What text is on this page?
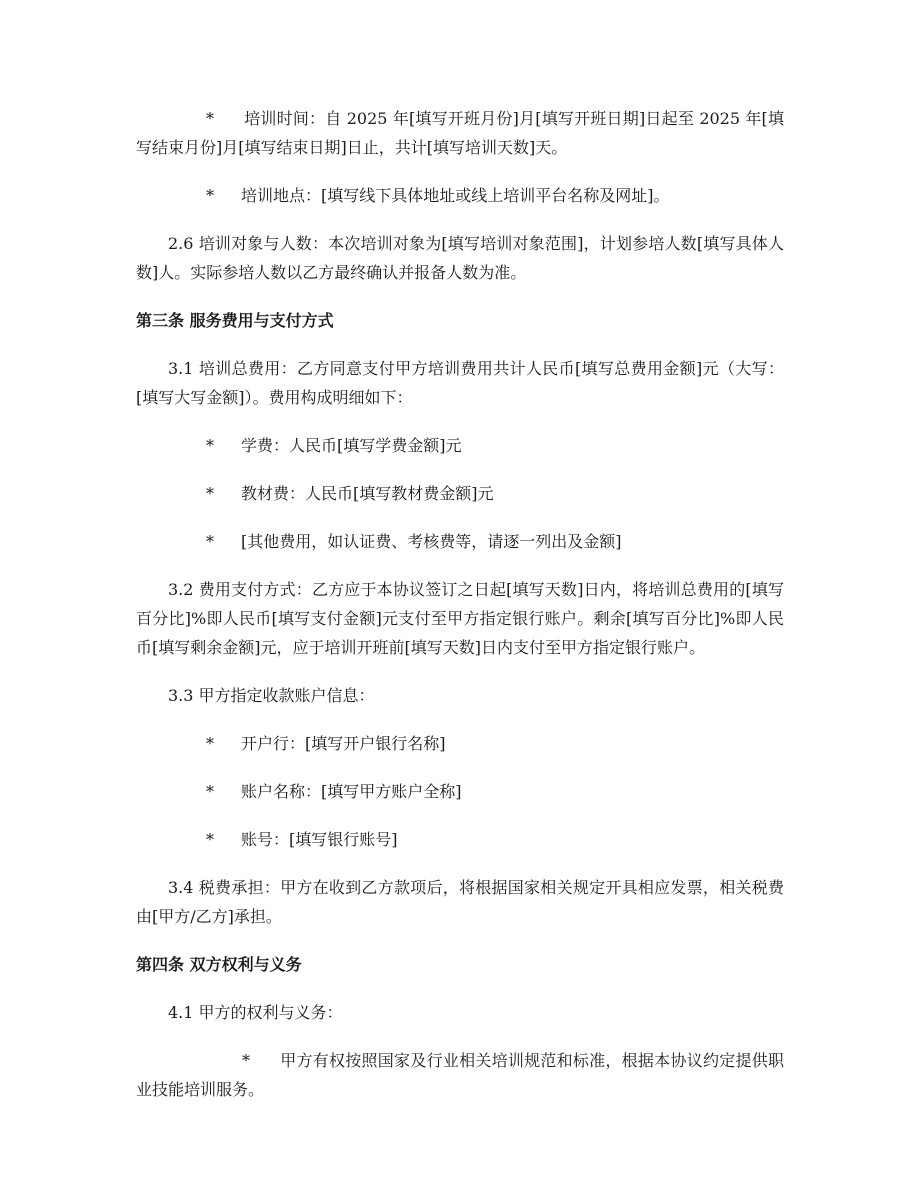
* 培训时间：自 2025 年[填写开班月份]月[填写开班日期]日起至 2025 年[填写结束月份]月[填写结束日期]日止，共计[填写培训天数]天。
* 培训地点：[填写线下具体地址或线上培训平台名称及网址]。

2.6 培训对象与人数：本次培训对象为[填写培训对象范围]，计划参培人数[填写具体人数]人。实际参培人数以乙方最终确认并报备人数为准。

第三条 服务费用与支付方式

3.1 培训总费用：乙方同意支付甲方培训费用共计人民币[填写总费用金额]元（大写：[填写大写金额]）。费用构成明细如下：

* 学费：人民币[填写学费金额]元
* 教材费：人民币[填写教材费金额]元
* [其他费用，如认证费、考核费等，请逐一列出及金额]

3.2 费用支付方式：乙方应于本协议签订之日起[填写天数]日内，将培训总费用的[填写百分比]%即人民币[填写支付金额]元支付至甲方指定银行账户。剩余[填写百分比]%即人民币[填写剩余金额]元，应于培训开班前[填写天数]日内支付至甲方指定银行账户。

3.3 甲方指定收款账户信息：

* 开户行：[填写开户银行名称]
* 账户名称：[填写甲方账户全称]
* 账号：[填写银行账号]

3.4 税费承担：甲方在收到乙方款项后，将根据国家相关规定开具相应发票，相关税费由[甲方/乙方]承担。

第四条 双方权利与义务

4.1 甲方的权利与义务：

* 甲方有权按照国家及行业相关培训规范和标准，根据本协议约定提供职业技能培训服务。
